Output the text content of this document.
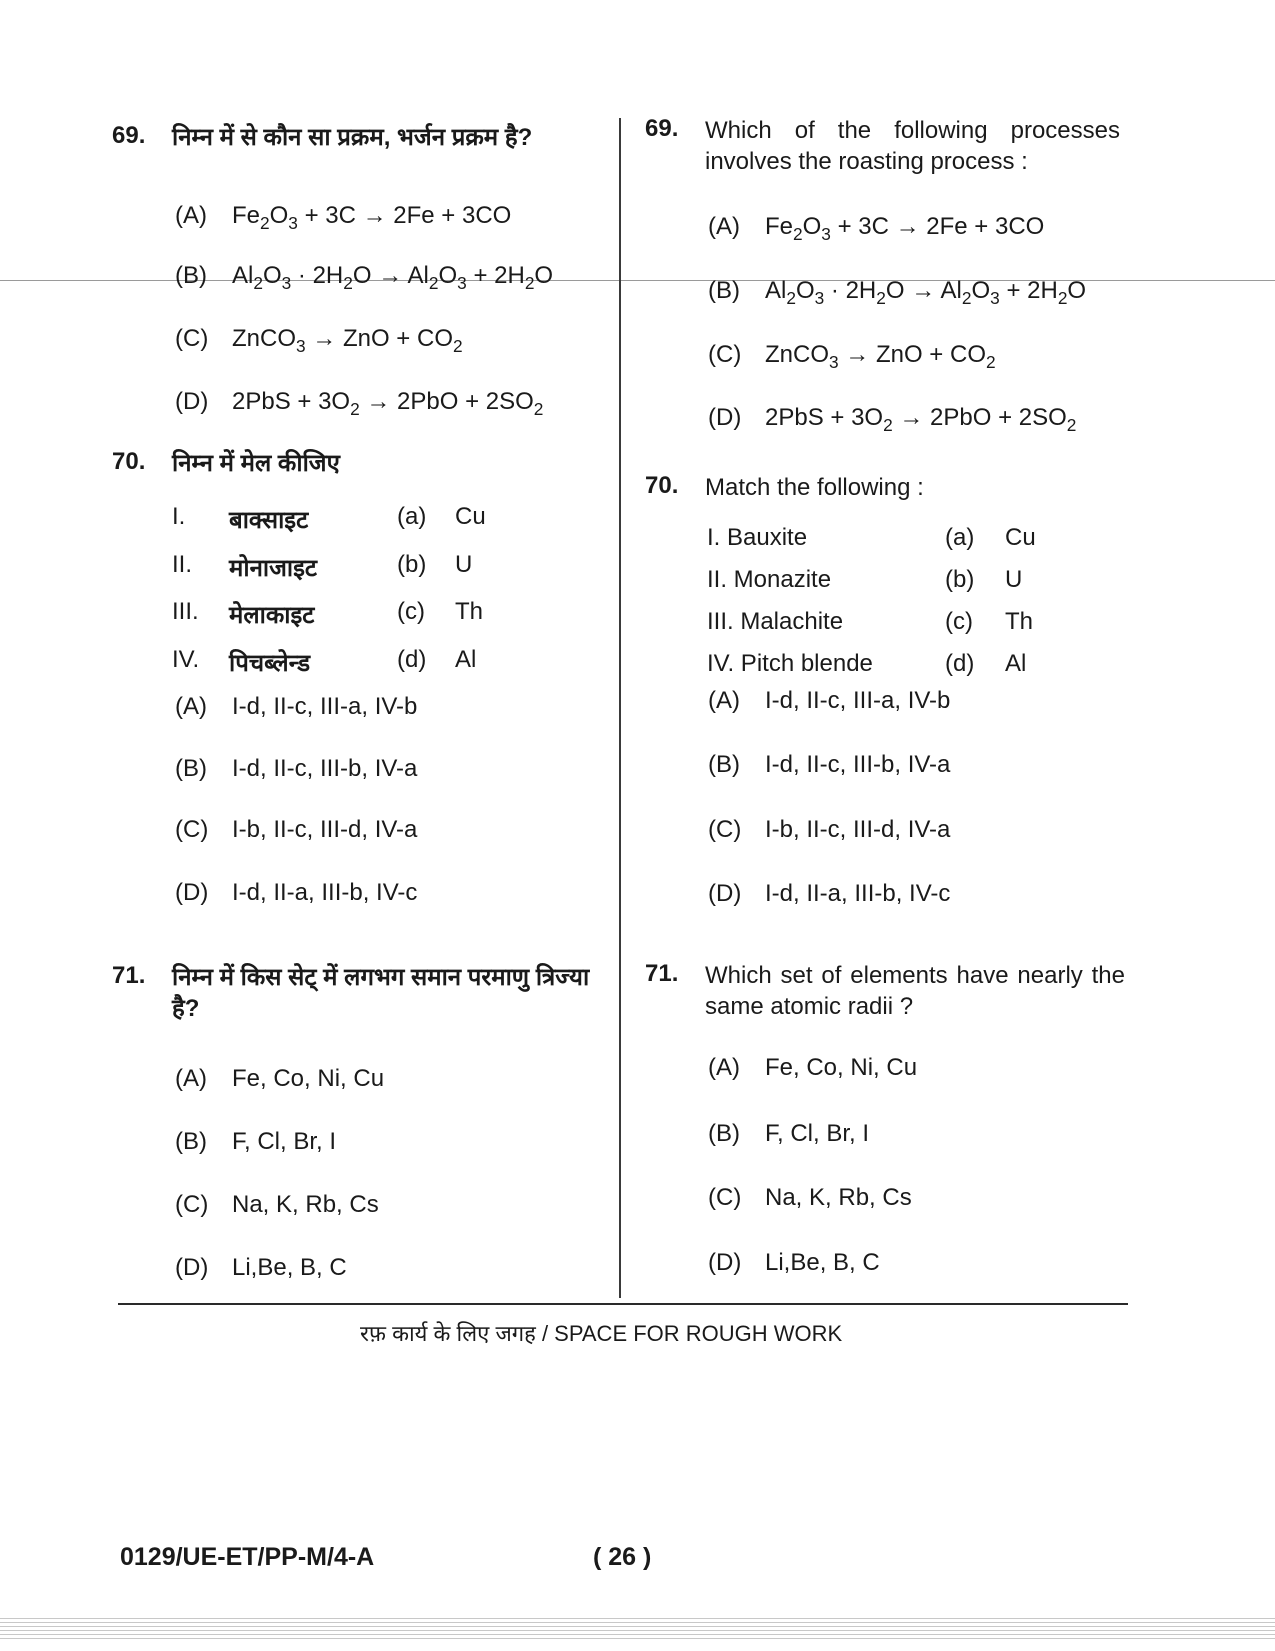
69. निम्न में से कौन सा प्रक्रम, भर्जन प्रक्रम है?
(A) $Fe_2O_3 + 3C \to 2Fe + 3CO$
(B) $Al_2O_3 \cdot 2H_2O \to Al_2O_3 + 2H_2O$
(C) ZnCO$_3$ → ZnO + $CO_2$
(D) $2PbS + 3O_2 \to 2PbO + 2SO_2$
70. निम्न में मेल कीजिए
I. बाक्साइट	(a) Cu
II. मोनाजाइट	(b) U
III. मेलाकाइट	(c) Th
IV. पिचब्लेन्ड	(d) Al
(A) I-d, II-c, III-a, IV-b
(B) I-d, II-c, III-b, IV-a
(C) I-b, II-c, III-d, IV-a
(D) I-d, II-a, III-b, IV-c
71. निम्न में किस सेट् में लगभग समान परमाणु त्रिज्या है?
(A) Fe, Co, Ni, Cu
(B) F, Cl, Br, I
(C) Na, K, Rb, Cs
(D) Li,Be, B, C
69. Which of the following processes involves the roasting process :
(A) $Fe_2O_3 + 3C \to 2Fe + 3CO$
(B) $Al_2O_3 \cdot 2H_2O \to Al_2O_3 + 2H_2O$
(C) ZnCO$_3$ → ZnO + $CO_2$
(D) $2PbS + 3O_2 \to 2PbO + 2SO_2$
70. Match the following :
I. Bauxite	(a) Cu
II. Monazite	(b) U
III. Malachite	(c) Th
IV. Pitch blende	(d) Al
(A) I-d, II-c, III-a, IV-b
(B) I-d, II-c, III-b, IV-a
(C) I-b, II-c, III-d, IV-a
(D) I-d, II-a, III-b, IV-c
71. Which set of elements have nearly the same atomic radii ?
(A) Fe, Co, Ni, Cu
(B) F, Cl, Br, I
(C) Na, K, Rb, Cs
(D) Li,Be, B, C
रफ़ कार्य के लिए जगह / SPACE FOR ROUGH WORK
0129/UE-ET/PP-M/4-A	( 26 )
